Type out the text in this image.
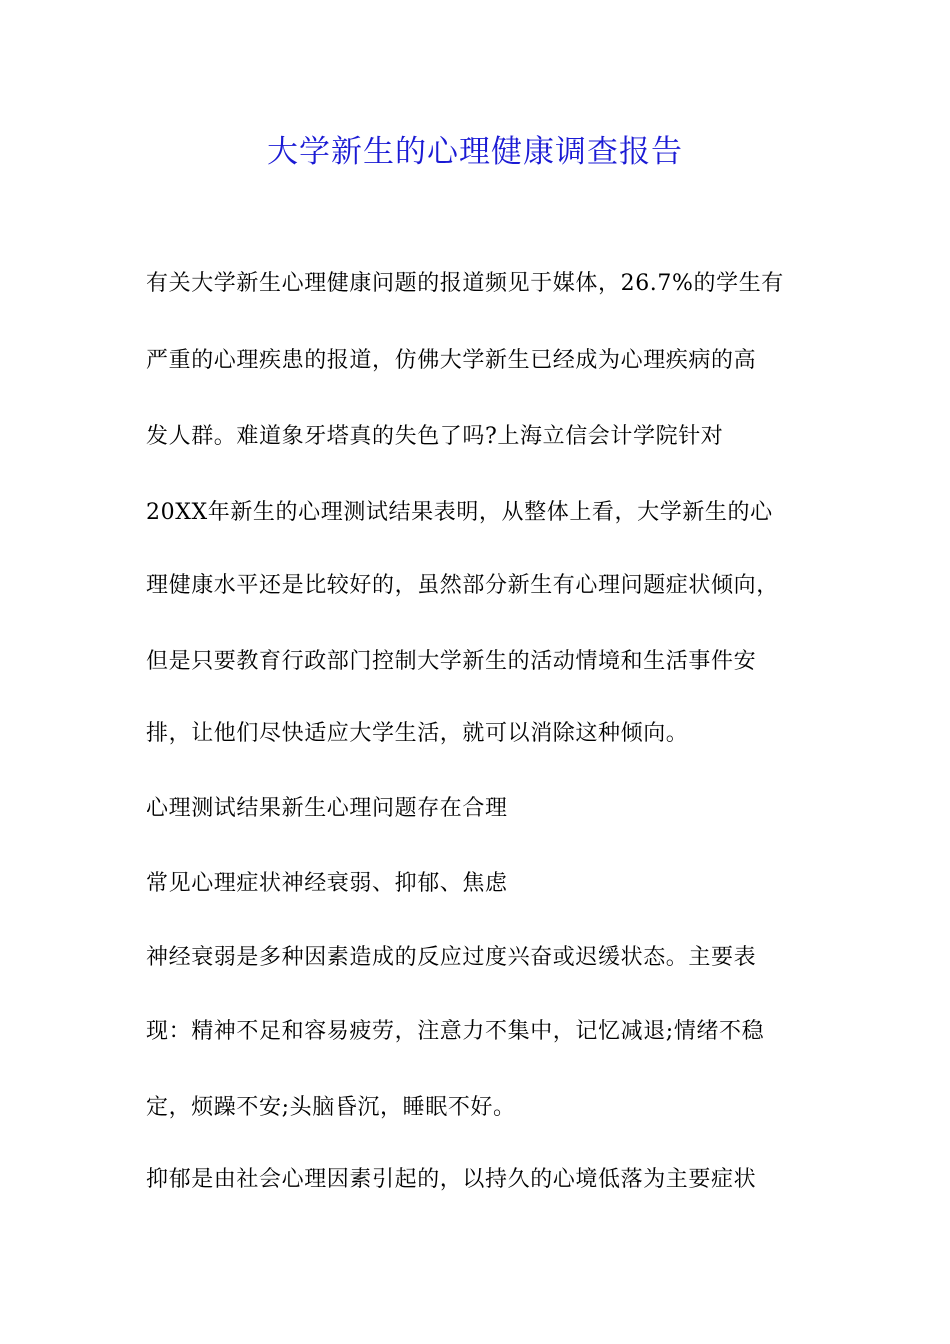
大学新生的心理健康调查报告
有关大学新生心理健康问题的报道频见于媒体，26.7%的学生有
严重的心理疾患的报道，仿佛大学新生已经成为心理疾病的高
发人群。难道象牙塔真的失色了吗?上海立信会计学院针对
20XX年新生的心理测试结果表明，从整体上看，大学新生的心
理健康水平还是比较好的，虽然部分新生有心理问题症状倾向，
但是只要教育行政部门控制大学新生的活动情境和生活事件安
排，让他们尽快适应大学生活，就可以消除这种倾向。
心理测试结果新生心理问题存在合理
常见心理症状神经衰弱、抑郁、焦虑
神经衰弱是多种因素造成的反应过度兴奋或迟缓状态。主要表
现：精神不足和容易疲劳，注意力不集中，记忆减退;情绪不稳
定，烦躁不安;头脑昏沉，睡眠不好。
抑郁是由社会心理因素引起的，以持久的心境低落为主要症状
